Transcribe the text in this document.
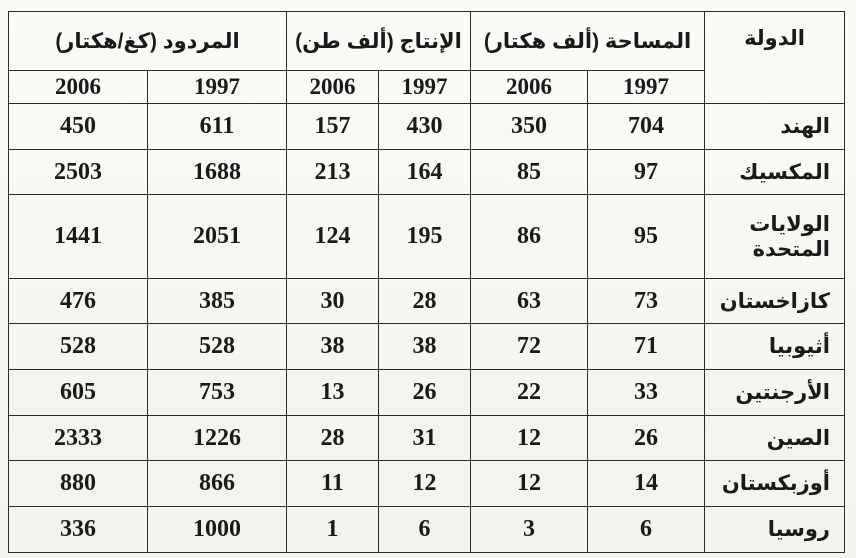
الدولة	المساحة (ألف هكتار)		الإنتاج (ألف طن)		المردود (كغ/هكتار)	
	1997	2006	1997	2006	1997	2006
الهند	704	350	430	157	611	450
المكسيك	97	85	164	213	1688	2503
الولايات المتحدة	95	86	195	124	2051	1441
كازاخستان	73	63	28	30	385	476
أثيوبيا	71	72	38	38	528	528
الأرجنتين	33	22	26	13	753	605
الصين	26	12	31	28	1226	2333
أوزبكستان	14	12	12	11	866	880
روسيا	6	3	6	1	1000	336
